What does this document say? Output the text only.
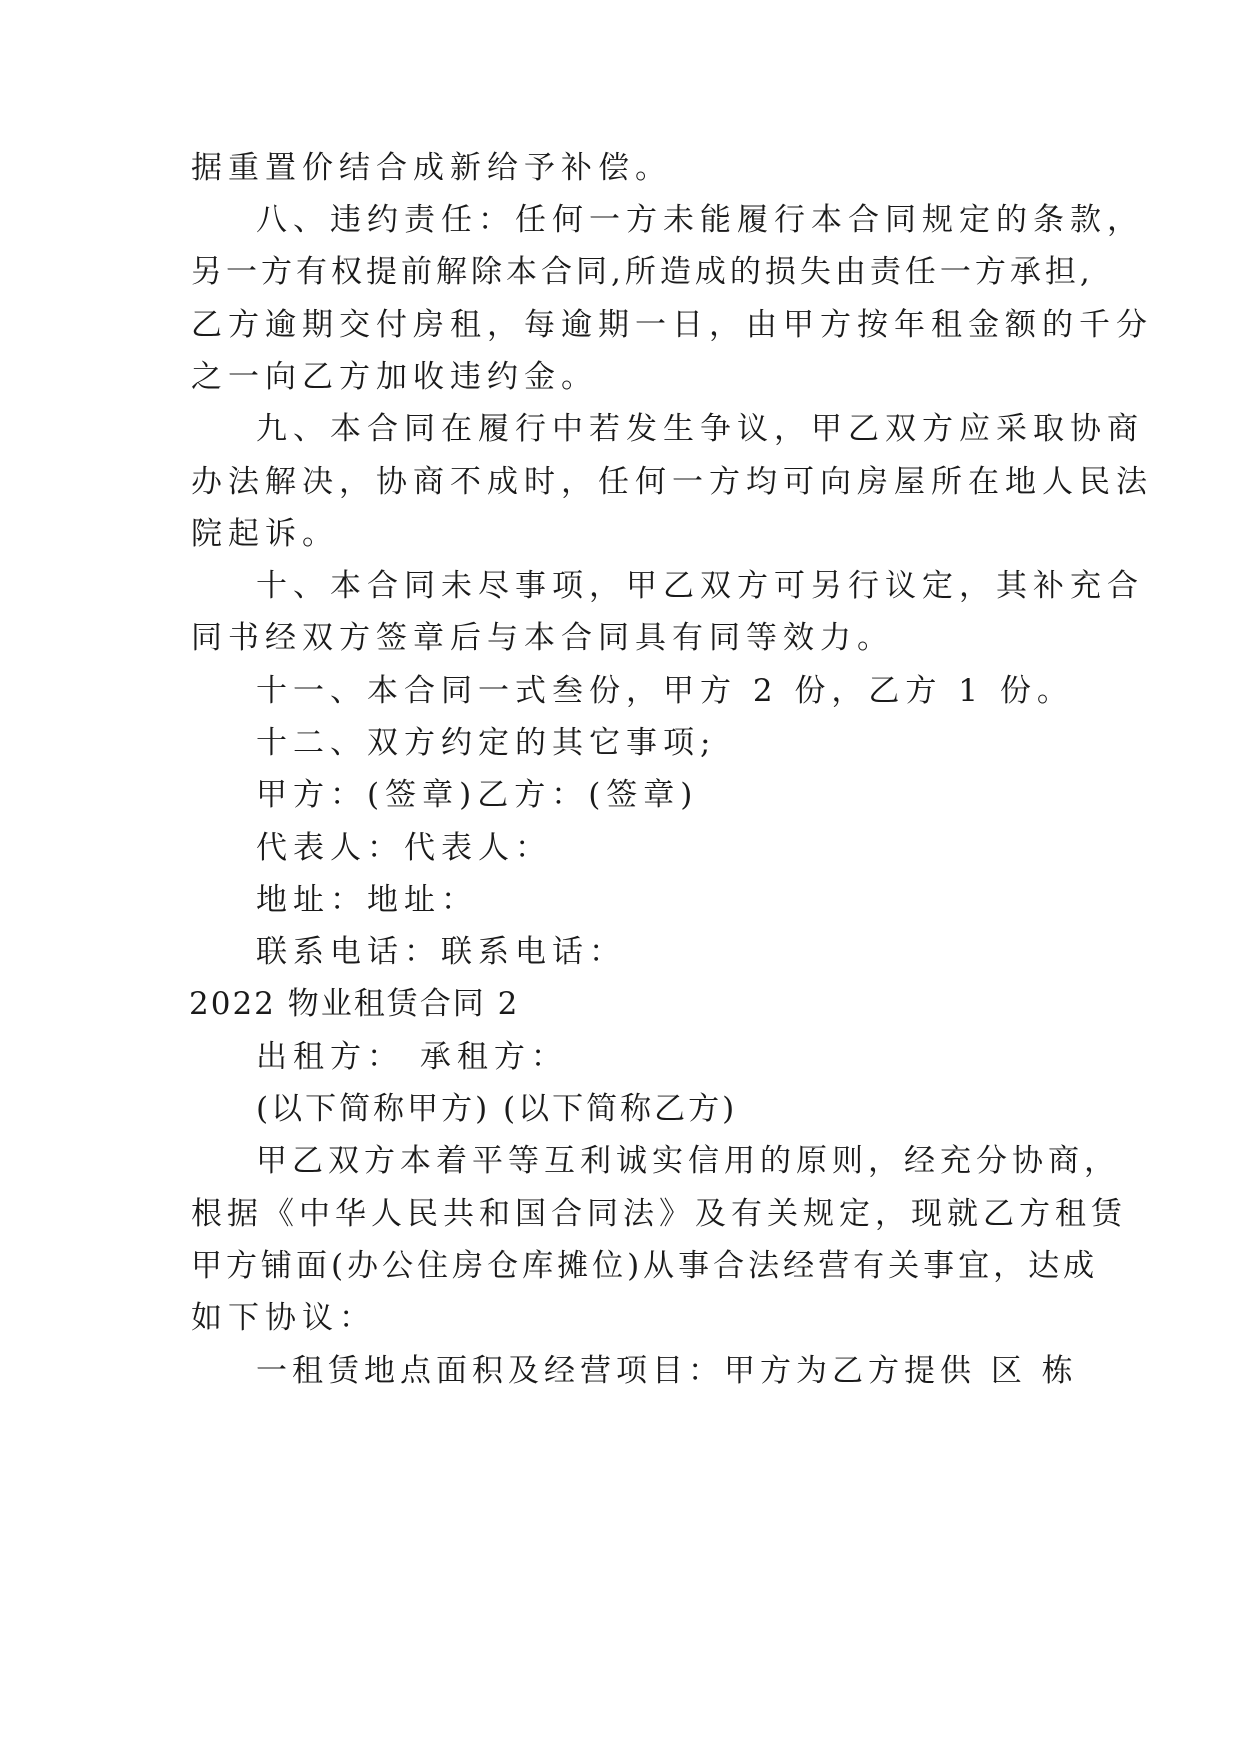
据重置价结合成新给予补偿。
八、违约责任：任何一方未能履行本合同规定的条款，
另一方有权提前解除本合同,所造成的损失由责任一方承担,
乙方逾期交付房租，每逾期一日，由甲方按年租金额的千分
之一向乙方加收违约金。
九、本合同在履行中若发生争议，甲乙双方应采取协商
办法解决，协商不成时，任何一方均可向房屋所在地人民法
院起诉。
十、本合同未尽事项，甲乙双方可另行议定，其补充合
同书经双方签章后与本合同具有同等效力。
十一、本合同一式叁份，甲方 2 份，乙方 1 份。
十二、双方约定的其它事项;
甲方：(签章)乙方：(签章)
代表人：代表人：
地址：地址：
联系电话：联系电话：
2022 物业租赁合同 2
出租方： 承租方：
(以下简称甲方) (以下简称乙方)
甲乙双方本着平等互利诚实信用的原则，经充分协商，
根据《中华人民共和国合同法》及有关规定，现就乙方租赁
甲方铺面(办公住房仓库摊位)从事合法经营有关事宜，达成
如下协议：
一租赁地点面积及经营项目：甲方为乙方提供 区 栋
